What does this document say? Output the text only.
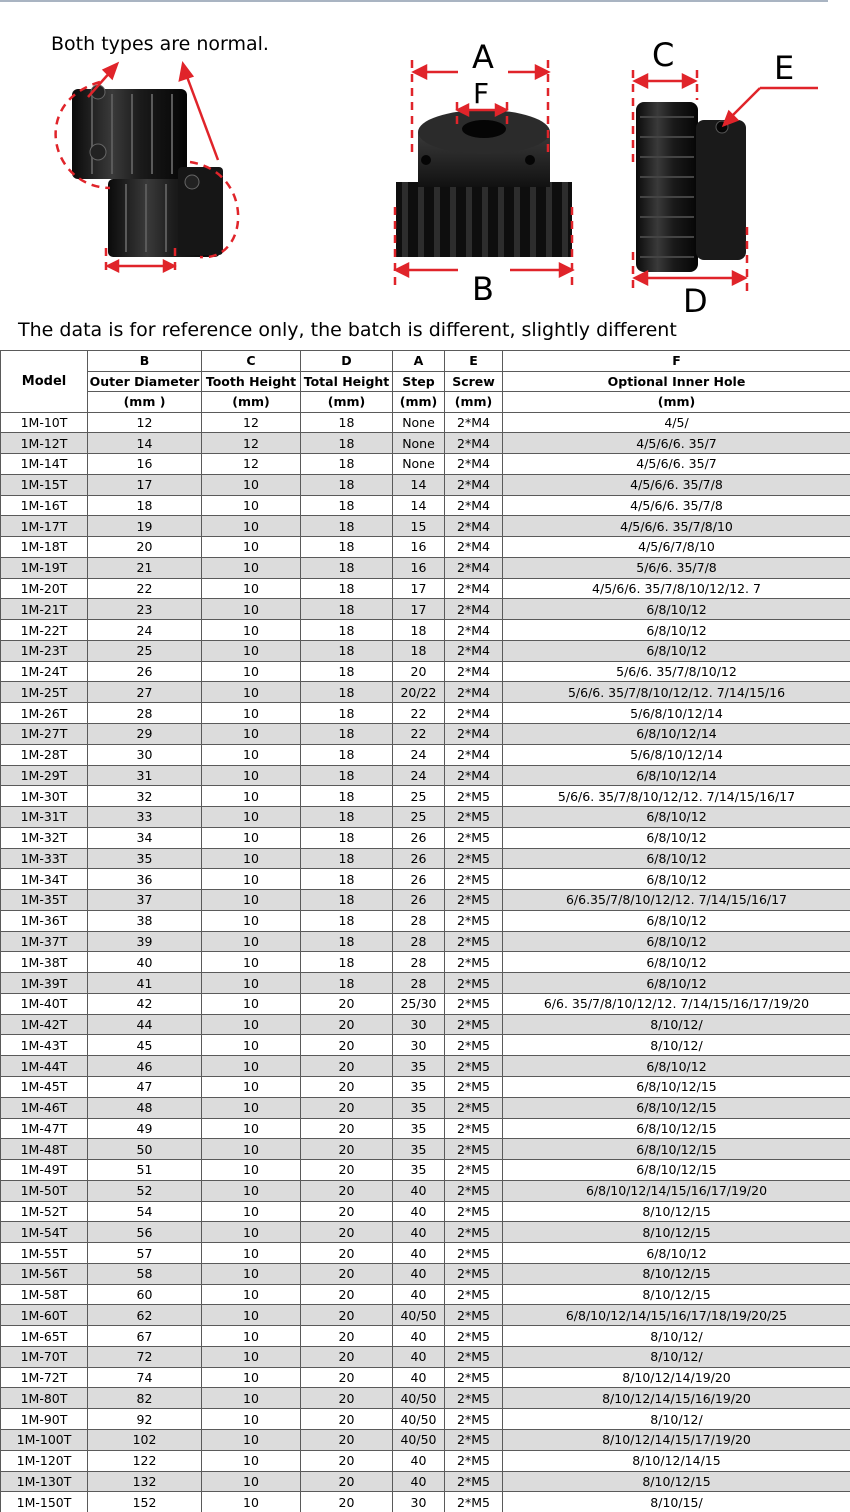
Both types are normal.	A
F
B
C	E
D
The data is for reference only, the batch is different, slightly different
Model	B	C	D	A	E	F
	Outer Diameter	Tooth Height	Total Height	Step	Screw	Optional Inner Hole
	(mm )	(mm)	(mm)	(mm)	(mm)	(mm)
1M-10T	12	12	18	None	2*M4	4/5/
1M-12T	14	12	18	None	2*M4	4/5/6/6. 35/7
1M-14T	16	12	18	None	2*M4	4/5/6/6. 35/7
1M-15T	17	10	18	14	2*M4	4/5/6/6. 35/7/8
1M-16T	18	10	18	14	2*M4	4/5/6/6. 35/7/8
1M-17T	19	10	18	15	2*M4	4/5/6/6. 35/7/8/10
1M-18T	20	10	18	16	2*M4	4/5/6/7/8/10
1M-19T	21	10	18	16	2*M4	5/6/6. 35/7/8
1M-20T	22	10	18	17	2*M4	4/5/6/6. 35/7/8/10/12/12. 7
1M-21T	23	10	18	17	2*M4	6/8/10/12
1M-22T	24	10	18	18	2*M4	6/8/10/12
1M-23T	25	10	18	18	2*M4	6/8/10/12
1M-24T	26	10	18	20	2*M4	5/6/6. 35/7/8/10/12
1M-25T	27	10	18	20/22	2*M4	5/6/6. 35/7/8/10/12/12. 7/14/15/16
1M-26T	28	10	18	22	2*M4	5/6/8/10/12/14
1M-27T	29	10	18	22	2*M4	6/8/10/12/14
1M-28T	30	10	18	24	2*M4	5/6/8/10/12/14
1M-29T	31	10	18	24	2*M4	6/8/10/12/14
1M-30T	32	10	18	25	2*M5	5/6/6. 35/7/8/10/12/12. 7/14/15/16/17
1M-31T	33	10	18	25	2*M5	6/8/10/12
1M-32T	34	10	18	26	2*M5	6/8/10/12
1M-33T	35	10	18	26	2*M5	6/8/10/12
1M-34T	36	10	18	26	2*M5	6/8/10/12
1M-35T	37	10	18	26	2*M5	6/6.35/7/8/10/12/12. 7/14/15/16/17
1M-36T	38	10	18	28	2*M5	6/8/10/12
1M-37T	39	10	18	28	2*M5	6/8/10/12
1M-38T	40	10	18	28	2*M5	6/8/10/12
1M-39T	41	10	18	28	2*M5	6/8/10/12
1M-40T	42	10	20	25/30	2*M5	6/6. 35/7/8/10/12/12. 7/14/15/16/17/19/20
1M-42T	44	10	20	30	2*M5	8/10/12/
1M-43T	45	10	20	30	2*M5	8/10/12/
1M-44T	46	10	20	35	2*M5	6/8/10/12
1M-45T	47	10	20	35	2*M5	6/8/10/12/15
1M-46T	48	10	20	35	2*M5	6/8/10/12/15
1M-47T	49	10	20	35	2*M5	6/8/10/12/15
1M-48T	50	10	20	35	2*M5	6/8/10/12/15
1M-49T	51	10	20	35	2*M5	6/8/10/12/15
1M-50T	52	10	20	40	2*M5	6/8/10/12/14/15/16/17/19/20
1M-52T	54	10	20	40	2*M5	8/10/12/15
1M-54T	56	10	20	40	2*M5	8/10/12/15
1M-55T	57	10	20	40	2*M5	6/8/10/12
1M-56T	58	10	20	40	2*M5	8/10/12/15
1M-58T	60	10	20	40	2*M5	8/10/12/15
1M-60T	62	10	20	40/50	2*M5	6/8/10/12/14/15/16/17/18/19/20/25
1M-65T	67	10	20	40	2*M5	8/10/12/
1M-70T	72	10	20	40	2*M5	8/10/12/
1M-72T	74	10	20	40	2*M5	8/10/12/14/19/20
1M-80T	82	10	20	40/50	2*M5	8/10/12/14/15/16/19/20
1M-90T	92	10	20	40/50	2*M5	8/10/12/
1M-100T	102	10	20	40/50	2*M5	8/10/12/14/15/17/19/20
1M-120T	122	10	20	40	2*M5	8/10/12/14/15
1M-130T	132	10	20	40	2*M5	8/10/12/15
1M-150T	152	10	20	30	2*M5	8/10/15/
